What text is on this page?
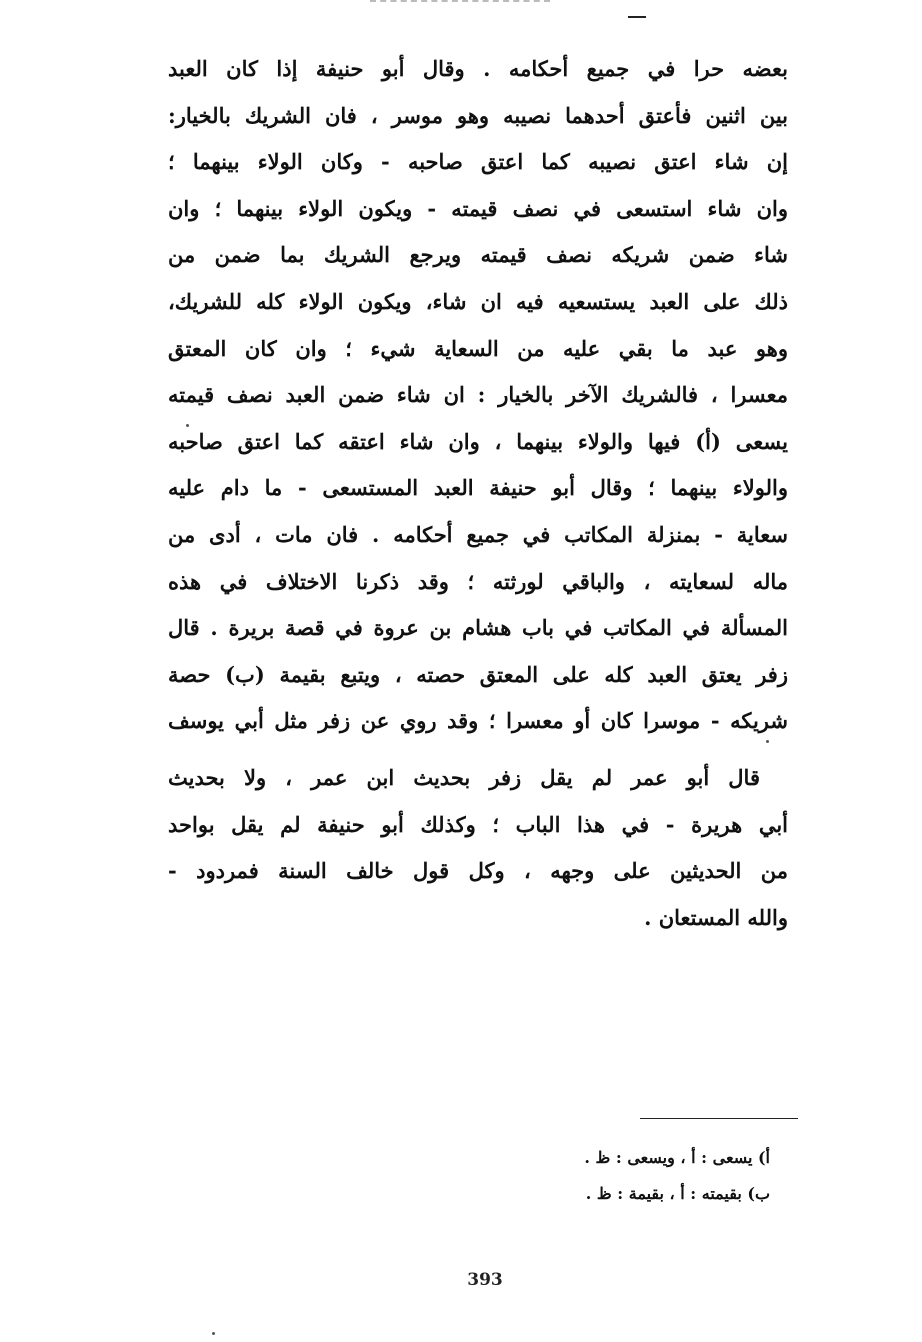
بعضه حرا في جميع أحكامه . وقال أبو حنيفة إذا كان العبد
بين اثنين فأعتق أحدهما نصيبه وهو موسر ، فان الشريك بالخيار:
إن شاء اعتق نصيبه كما اعتق صاحبه - وكان الولاء بينهما ؛
وان شاء استسعى في نصف قيمته - ويكون الولاء بينهما ؛ وان
شاء ضمن شريكه نصف قيمته ويرجع الشريك بما ضمن من
ذلك على العبد يستسعيه فيه ان شاء، ويكون الولاء كله للشريك،
وهو عبد ما بقي عليه من السعاية شيء ؛ وان كان المعتق
معسرا ، فالشريك الآخر بالخيار : ان شاء ضمن العبد نصف قيمته
يسعى (أ) فيها والولاء بينهما ، وان شاء اعتقه كما اعتق صاحبه
والولاء بينهما ؛ وقال أبو حنيفة العبد المستسعى - ما دام عليه
سعاية - بمنزلة المكاتب في جميع أحكامه . فان مات ، أدى من
ماله لسعايته ، والباقي لورثته ؛ وقد ذكرنا الاختلاف في هذه
المسألة في المكاتب في باب هشام بن عروة في قصة بريرة . قال
زفر يعتق العبد كله على المعتق حصته ، ويتبع بقيمة (ب) حصة
شريكه - موسرا كان أو معسرا ؛ وقد روي عن زفر مثل أبي يوسف
قال أبو عمر لم يقل زفر بحديث ابن عمر ، ولا بحديث
أبي هريرة - في هذا الباب ؛ وكذلك أبو حنيفة لم يقل بواحد
من الحديثين على وجهه ، وكل قول خالف السنة فمردود -
والله المستعان .
أ) يسعى : أ ، ويسعى : ظ .
ب) بقيمته : أ ، بقيمة : ظ .
393
